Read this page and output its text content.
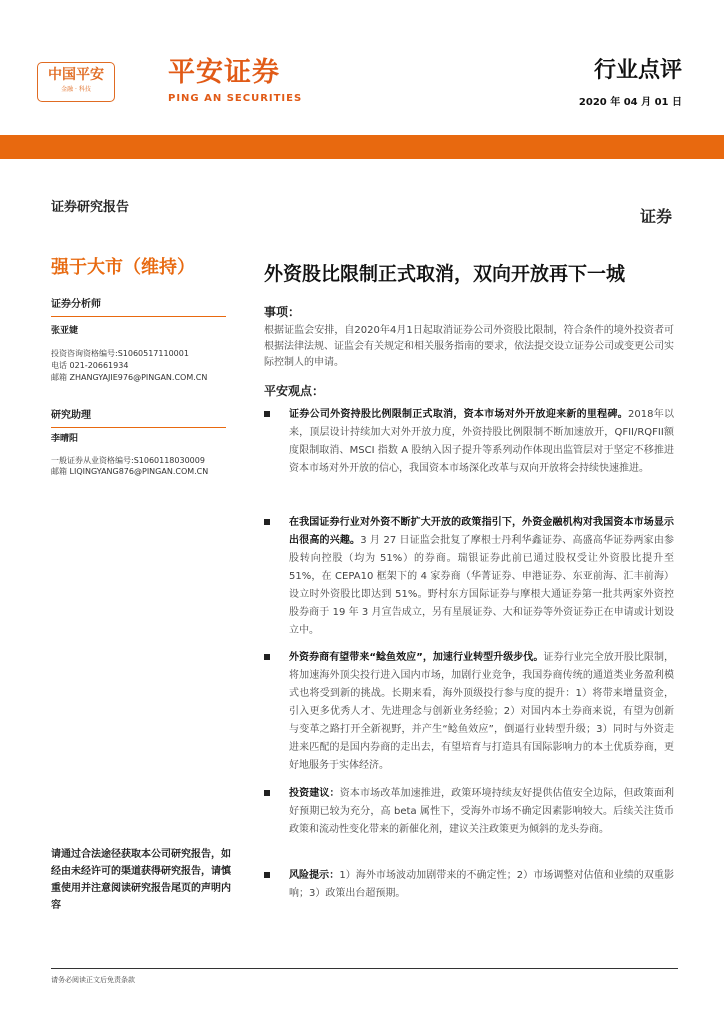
中国平安
金融 · 科技
平安证券
PING AN SECURITIES
行业点评
2020 年 04 月 01 日
证券研究报告	证券
强于大市（维持）	外资股比限制正式取消，双向开放再下一城
证券分析师
张亚婕
投资咨询资格编号:S1060517110001
电话 021-20661934
邮箱 ZHANGYAJIE976@PINGAN.COM.CN
研究助理
李晴阳
一般证券从业资格编号:S1060118030009
邮箱 LIQINGYANG876@PINGAN.COM.CN
请通过合法途径获取本公司研究报告，如经由未经许可的渠道获得研究报告，请慎重使用并注意阅读研究报告尾页的声明内容
事项：
根据证监会安排，自2020年4月1日起取消证券公司外资股比限制，符合条件的境外投资者可根据法律法规、证监会有关规定和相关服务指南的要求，依法提交设立证券公司或变更公司实际控制人的申请。
平安观点：
证券公司外资持股比例限制正式取消，资本市场对外开放迎来新的里程碑。2018年以来，顶层设计持续加大对外开放力度，外资持股比例限制不断加速放开，QFII/RQFII额度限制取消、MSCI 指数 A 股纳入因子提升等系列动作体现出监管层对于坚定不移推进资本市场对外开放的信心，我国资本市场深化改革与双向开放将会持续快速推进。
在我国证券行业对外资不断扩大开放的政策指引下，外资金融机构对我国资本市场显示出很高的兴趣。3 月 27 日证监会批复了摩根士丹利华鑫证券、高盛高华证券两家由参股转向控股（均为 51%）的券商。瑞银证券此前已通过股权受让外资股比提升至 51%，在 CEPA10 框架下的 4 家券商（华菁证券、申港证券、东亚前海、汇丰前海）设立时外资股比即达到 51%。野村东方国际证券与摩根大通证券第一批共两家外资控股券商于 19 年 3 月宣告成立，另有星展证券、大和证券等外资证券正在申请或计划设立中。
外资券商有望带来“鲶鱼效应”，加速行业转型升级步伐。证券行业完全放开股比限制，将加速海外顶尖投行进入国内市场，加剧行业竞争，我国券商传统的通道类业务盈利模式也将受到新的挑战。长期来看，海外顶级投行参与度的提升：1）将带来增量资金，引入更多优秀人才、先进理念与创新业务经验；2）对国内本土券商来说，有望为创新与变革之路打开全新视野，并产生“鲶鱼效应”，倒逼行业转型升级；3）同时与外资走进来匹配的是国内券商的走出去，有望培育与打造具有国际影响力的本土优质券商，更好地服务于实体经济。
投资建议：资本市场改革加速推进，政策环境持续友好提供估值安全边际，但政策面利好预期已较为充分，高 beta 属性下，受海外市场不确定因素影响较大。后续关注货币政策和流动性变化带来的新催化剂，建议关注政策更为倾斜的龙头券商。
风险提示：1）海外市场波动加剧带来的不确定性；2）市场调整对估值和业绩的双重影响；3）政策出台超预期。
请务必阅读正文后免责条款
